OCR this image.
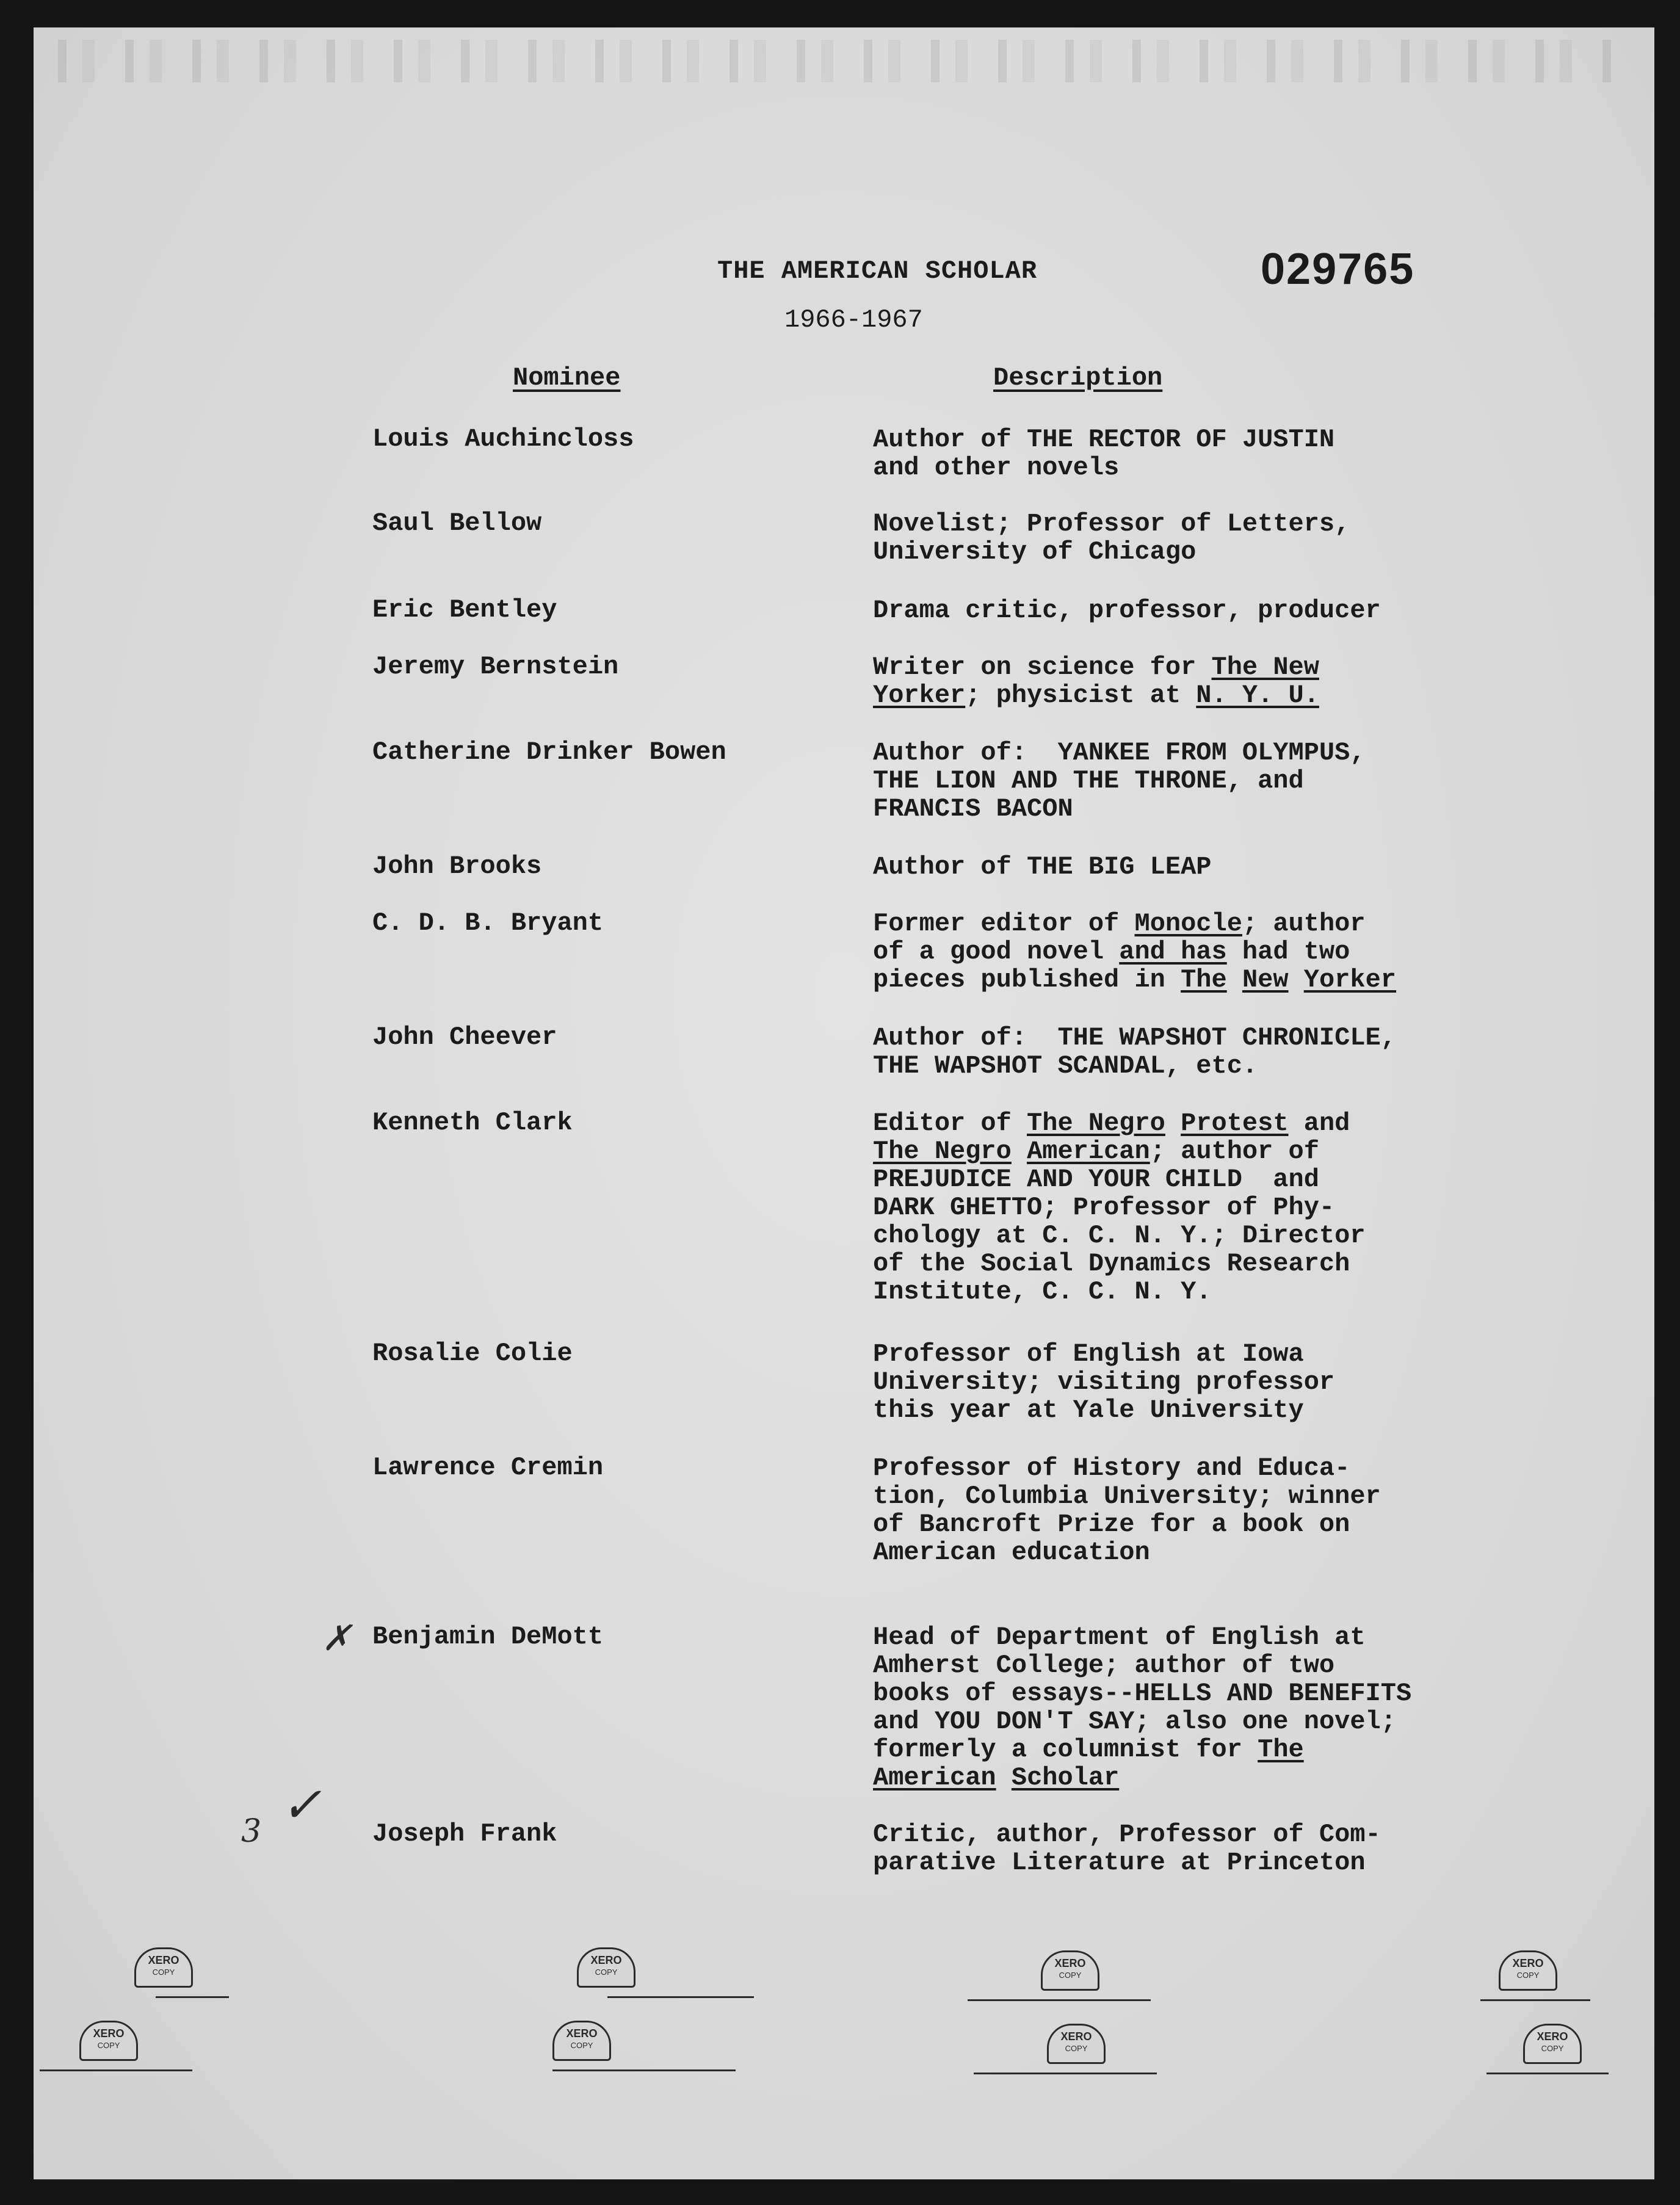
THE AMERICAN SCHOLAR
1966-1967
029765
Nominee	Description
Louis Auchincloss	Author of THE RECTOR OF JUSTIN
and other novels
Saul Bellow	Novelist; Professor of Letters,
University of Chicago
Eric Bentley	Drama critic, professor, producer
Jeremy Bernstein	Writer on science for The New
Yorker; physicist at N. Y. U.
Catherine Drinker Bowen	Author of:  YANKEE FROM OLYMPUS,
THE LION AND THE THRONE, and
FRANCIS BACON
John Brooks	Author of THE BIG LEAP
C. D. B. Bryant	Former editor of Monocle; author
of a good novel and has had two
pieces published in The New Yorker
John Cheever	Author of:  THE WAPSHOT CHRONICLE,
THE WAPSHOT SCANDAL, etc.
Kenneth Clark	Editor of The Negro Protest and
The Negro American; author of
PREJUDICE AND YOUR CHILD  and
DARK GHETTO; Professor of Phy-
chology at C. C. N. Y.; Director
of the Social Dynamics Research
Institute, C. C. N. Y.
Rosalie Colie	Professor of English at Iowa
University; visiting professor
this year at Yale University
Lawrence Cremin	Professor of History and Educa-
tion, Columbia University; winner
of Bancroft Prize for a book on
American education
✗ Benjamin DeMott	Head of Department of English at
Amherst College; author of two
books of essays--HELLS AND BENEFITS
and YOU DON'T SAY; also one novel;
formerly a columnist for The
American Scholar
3 ✓
Joseph Frank	Critic, author, Professor of Com-
parative Literature at Princeton
XERO
COPY
XERO
COPY
XERO
COPY
XERO
COPY
XERO
COPY
XERO
COPY
XERO
COPY
XERO
COPY
